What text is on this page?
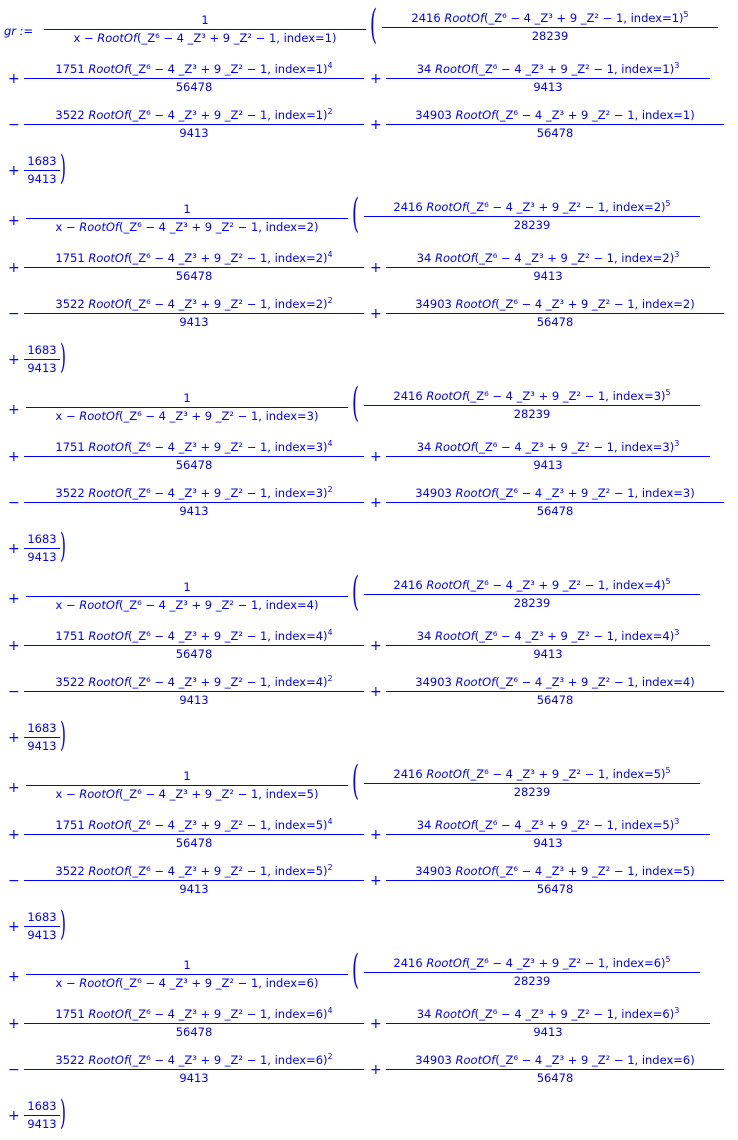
gr :=
1
x − RootOf(_Z⁶ − 4 _Z³ + 9 _Z² − 1, index=1) (	2416 RootOf(_Z⁶ − 4 _Z³ + 9 _Z² − 1, index=1)$^5$
28239
+
1751 RootOf(_Z⁶ − 4 _Z³ + 9 _Z² − 1, index=1)$^4$
56478	+
34 RootOf(_Z⁶ − 4 _Z³ + 9 _Z² − 1, index=1)$^3$
9413
−
3522 RootOf(_Z⁶ − 4 _Z³ + 9 _Z² − 1, index=1)$^2$
9413	+
34903 RootOf(_Z⁶ − 4 _Z³ + 9 _Z² − 1, index=1)
56478
+
1683
9413 )
+
1
x − RootOf(_Z⁶ − 4 _Z³ + 9 _Z² − 1, index=2) (	2416 RootOf(_Z⁶ − 4 _Z³ + 9 _Z² − 1, index=2)$^5$
28239
+
1751 RootOf(_Z⁶ − 4 _Z³ + 9 _Z² − 1, index=2)$^4$
56478	+
34 RootOf(_Z⁶ − 4 _Z³ + 9 _Z² − 1, index=2)$^3$
9413
−
3522 RootOf(_Z⁶ − 4 _Z³ + 9 _Z² − 1, index=2)$^2$
9413	+
34903 RootOf(_Z⁶ − 4 _Z³ + 9 _Z² − 1, index=2)
56478
+
1683
9413 )
+
1
x − RootOf(_Z⁶ − 4 _Z³ + 9 _Z² − 1, index=3) (	2416 RootOf(_Z⁶ − 4 _Z³ + 9 _Z² − 1, index=3)$^5$
28239
+
1751 RootOf(_Z⁶ − 4 _Z³ + 9 _Z² − 1, index=3)$^4$
56478	+
34 RootOf(_Z⁶ − 4 _Z³ + 9 _Z² − 1, index=3)$^3$
9413
−
3522 RootOf(_Z⁶ − 4 _Z³ + 9 _Z² − 1, index=3)$^2$
9413	+
34903 RootOf(_Z⁶ − 4 _Z³ + 9 _Z² − 1, index=3)
56478
+
1683
9413 )
+
1
x − RootOf(_Z⁶ − 4 _Z³ + 9 _Z² − 1, index=4) (	2416 RootOf(_Z⁶ − 4 _Z³ + 9 _Z² − 1, index=4)$^5$
28239
+
1751 RootOf(_Z⁶ − 4 _Z³ + 9 _Z² − 1, index=4)$^4$
56478	+
34 RootOf(_Z⁶ − 4 _Z³ + 9 _Z² − 1, index=4)$^3$
9413
−
3522 RootOf(_Z⁶ − 4 _Z³ + 9 _Z² − 1, index=4)$^2$
9413	+
34903 RootOf(_Z⁶ − 4 _Z³ + 9 _Z² − 1, index=4)
56478
+
1683
9413 )
+
1
x − RootOf(_Z⁶ − 4 _Z³ + 9 _Z² − 1, index=5) (	2416 RootOf(_Z⁶ − 4 _Z³ + 9 _Z² − 1, index=5)$^5$
28239
+
1751 RootOf(_Z⁶ − 4 _Z³ + 9 _Z² − 1, index=5)$^4$
56478	+
34 RootOf(_Z⁶ − 4 _Z³ + 9 _Z² − 1, index=5)$^3$
9413
−
3522 RootOf(_Z⁶ − 4 _Z³ + 9 _Z² − 1, index=5)$^2$
9413	+
34903 RootOf(_Z⁶ − 4 _Z³ + 9 _Z² − 1, index=5)
56478
+
1683
9413 )
+
1
x − RootOf(_Z⁶ − 4 _Z³ + 9 _Z² − 1, index=6) (	2416 RootOf(_Z⁶ − 4 _Z³ + 9 _Z² − 1, index=6)$^5$
28239
+
1751 RootOf(_Z⁶ − 4 _Z³ + 9 _Z² − 1, index=6)$^4$
56478	+
34 RootOf(_Z⁶ − 4 _Z³ + 9 _Z² − 1, index=6)$^3$
9413
−
3522 RootOf(_Z⁶ − 4 _Z³ + 9 _Z² − 1, index=6)$^2$
9413	+
34903 RootOf(_Z⁶ − 4 _Z³ + 9 _Z² − 1, index=6)
56478
+
1683
9413 )
